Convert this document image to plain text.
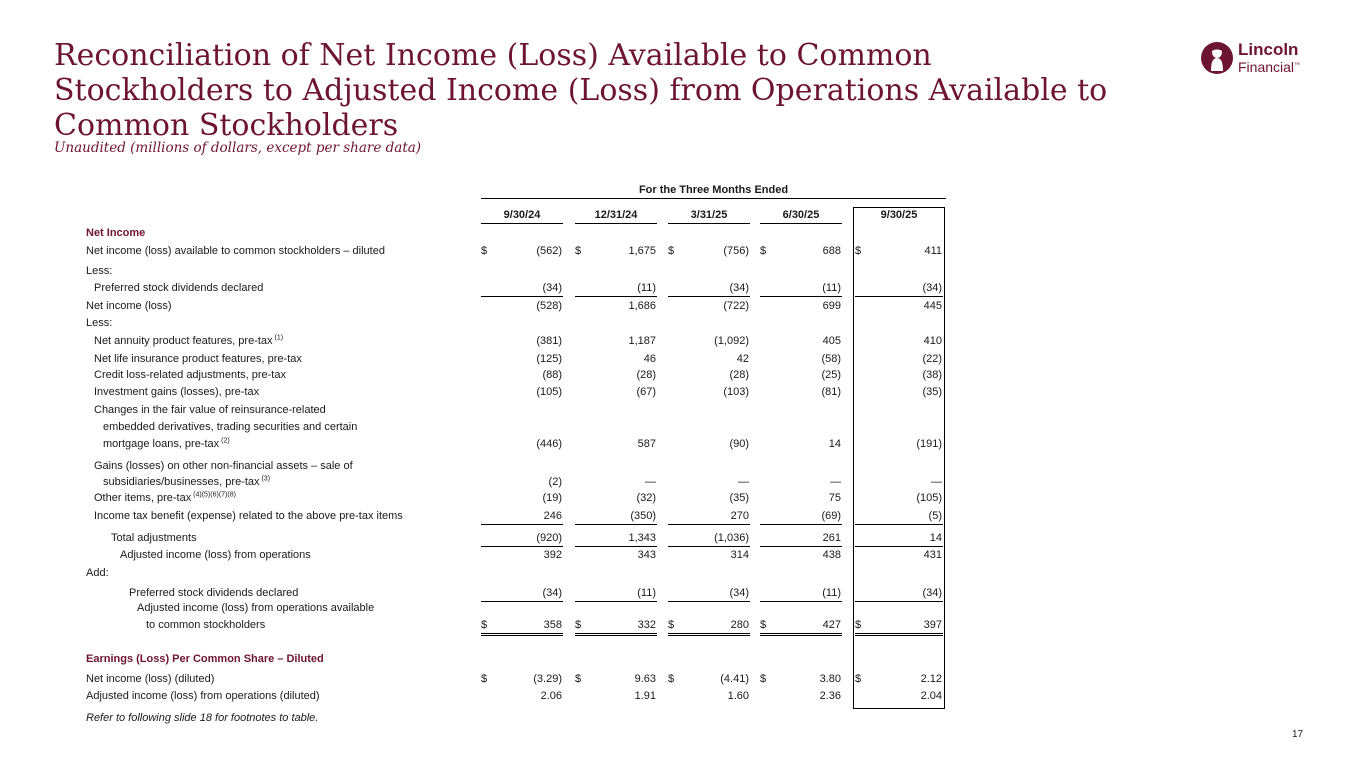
Reconciliation of Net Income (Loss) Available to Common Stockholders to Adjusted Income (Loss) from Operations Available to Common Stockholders

Unaudited (millions of dollars, except per share data)

Lincoln
Financial™
For the Three Months Ended
9/30/24	12/31/24	3/31/25	6/30/25	9/30/25
Net Income
Net income (loss) available to common stockholders – diluted	$	(562) $	1,675 $	(756) $	688 $	411
Less:
Preferred stock dividends declared	(34)	(11)	(34)	(11)	(34)
Net income (loss)	(528)	1,686	(722)	699	445
Less:
Net annuity product features, pre-tax $^{(1)}$	(381)	1,187	(1,092)	405	410
Net life insurance product features, pre-tax	(125)	46	42	(58)	(22)
Credit loss-related adjustments, pre-tax	(88)	(28)	(28)	(25)	(38)
Investment gains (losses), pre-tax	(105)	(67)	(103)	(81)	(35)
Changes in the fair value of reinsurance-related
embedded derivatives, trading securities and certain
mortgage loans, pre-tax $^{(2)}$	(446)	587	(90)	14	(191)
Gains (losses) on other non-financial assets – sale of
subsidiaries/businesses, pre-tax $^{(3)}$	(2)	—	—	—	—
Other items, pre-tax $^{(4)(5)(6)(7)(8)}$	(19)	(32)	(35)	75	(105)
Income tax benefit (expense) related to the above pre-tax items	246	(350)	270	(69)	(5)
Total adjustments	(920)	1,343	(1,036)	261	14
Adjusted income (loss) from operations	392	343	314	438	431
Add:
Preferred stock dividends declared	(34)	(11)	(34)	(11)	(34)
Adjusted income (loss) from operations available
to common stockholders	$	358 $	332 $	280 $	427 $	397
Earnings (Loss) Per Common Share – Diluted
Net income (loss) (diluted)	$	(3.29) $	9.63 $	(4.41) $	3.80 $	2.12
Adjusted income (loss) from operations (diluted)	2.06	1.91	1.60	2.36	2.04
Refer to following slide 18 for footnotes to table.
17
